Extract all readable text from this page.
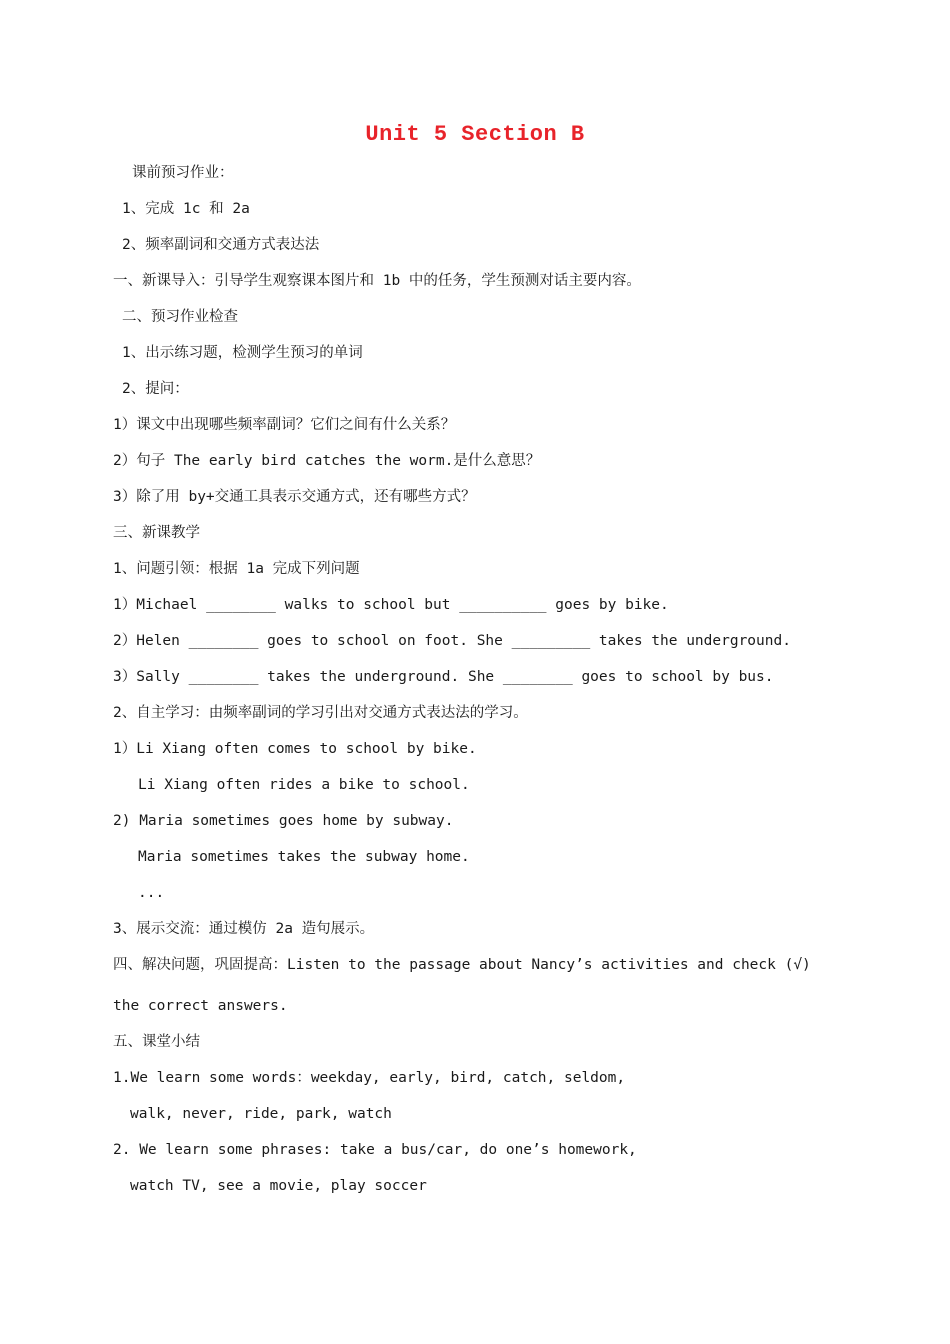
Unit 5 Section B
课前预习作业：
1、完成 1c 和 2a
2、频率副词和交通方式表达法
一、新课导入：引导学生观察课本图片和 1b 中的任务，学生预测对话主要内容。
二、预习作业检查
1、出示练习题，检测学生预习的单词
2、提问：
1）课文中出现哪些频率副词？它们之间有什么关系？
2）句子 The early bird catches the worm.是什么意思？
3）除了用 by+交通工具表示交通方式，还有哪些方式？
三、新课教学
1、问题引领：根据 1a 完成下列问题
1）Michael ________ walks to school but __________ goes by bike.
2）Helen ________ goes to school on foot. She _________ takes the underground.
3）Sally ________ takes the underground. She ________ goes to school by bus.
2、自主学习：由频率副词的学习引出对交通方式表达法的学习。
1）Li Xiang often comes to school by bike.
Li Xiang often rides a bike to school.
2) Maria sometimes goes home by subway.
Maria sometimes takes the subway home.
...
3、展示交流：通过模仿 2a 造句展示。
四、解决问题，巩固提高：Listen to the passage about Nancy’s activities and check (√)
the correct answers.
五、课堂小结
1.We learn some words：weekday, early, bird, catch, seldom,
walk, never, ride, park, watch
2. We learn some phrases: take a bus/car, do one’s homework,
watch TV, see a movie, play soccer
